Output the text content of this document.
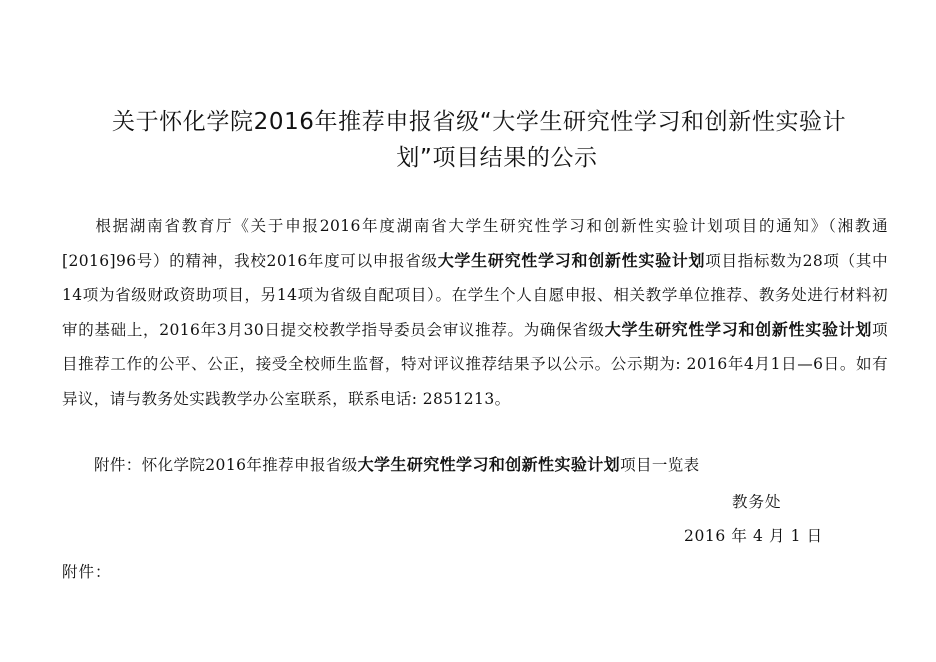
关于怀化学院2016年推荐申报省级“大学生研究性学习和创新性实验计
划”项目结果的公示

根据湖南省教育厅《关于申报2016年度湖南省大学生研究性学习和创新性实验计划项目的通知》（湘教通[2016]96号）的精神，我校2016年度可以申报省级大学生研究性学习和创新性实验计划项目指标数为28项（其中14项为省级财政资助项目，另14项为省级自配项目）。在学生个人自愿申报、相关教学单位推荐、教务处进行材料初审的基础上，2016年3月30日提交校教学指导委员会审议推荐。为确保省级大学生研究性学习和创新性实验计划项目推荐工作的公平、公正，接受全校师生监督，特对评议推荐结果予以公示。公示期为: 2016年4月1日—6日。如有异议，请与教务处实践教学办公室联系，联系电话: 2851213。

附件：怀化学院2016年推荐申报省级大学生研究性学习和创新性实验计划项目一览表
教务处
2016 年 4 月 1 日
附件：
